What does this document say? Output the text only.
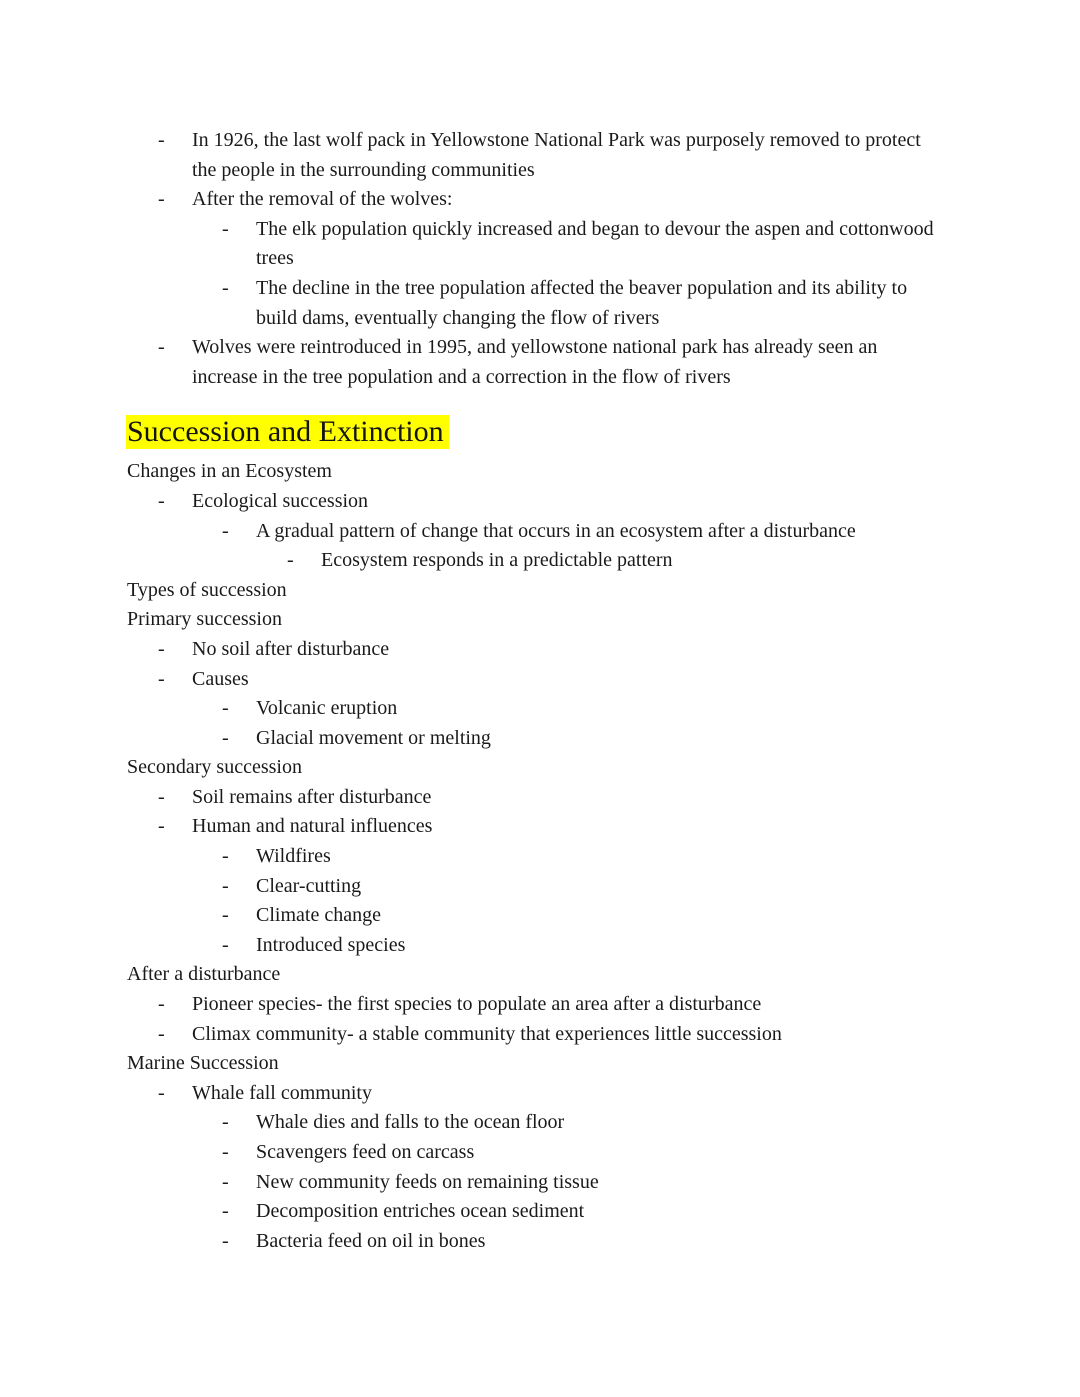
-	In 1926, the last wolf pack in Yellowstone National Park was purposely removed to protect the people in the surrounding communities
-	After the removal of the wolves:
-	The elk population quickly increased and began to devour the aspen and cottonwood trees
-	The decline in the tree population affected the beaver population and its ability to build dams, eventually changing the flow of rivers
-	Wolves were reintroduced in 1995, and yellowstone national park has already seen an increase in the tree population and a correction in the flow of rivers
Succession and Extinction
Changes in an Ecosystem
-	Ecological succession
-	A gradual pattern of change that occurs in an ecosystem after a disturbance
-	Ecosystem responds in a predictable pattern
Types of succession
Primary succession
-	No soil after disturbance
-	Causes
-	Volcanic eruption
-	Glacial movement or melting
Secondary succession
-	Soil remains after disturbance
-	Human and natural influences
-	Wildfires
-	Clear-cutting
-	Climate change
-	Introduced species
After a disturbance
-	Pioneer species- the first species to populate an area after a disturbance
-	Climax community- a stable community that experiences little succession
Marine Succession
-	Whale fall community
-	Whale dies and falls to the ocean floor
-	Scavengers feed on carcass
-	New community feeds on remaining tissue
-	Decomposition entriches ocean sediment
-	Bacteria feed on oil in bones
